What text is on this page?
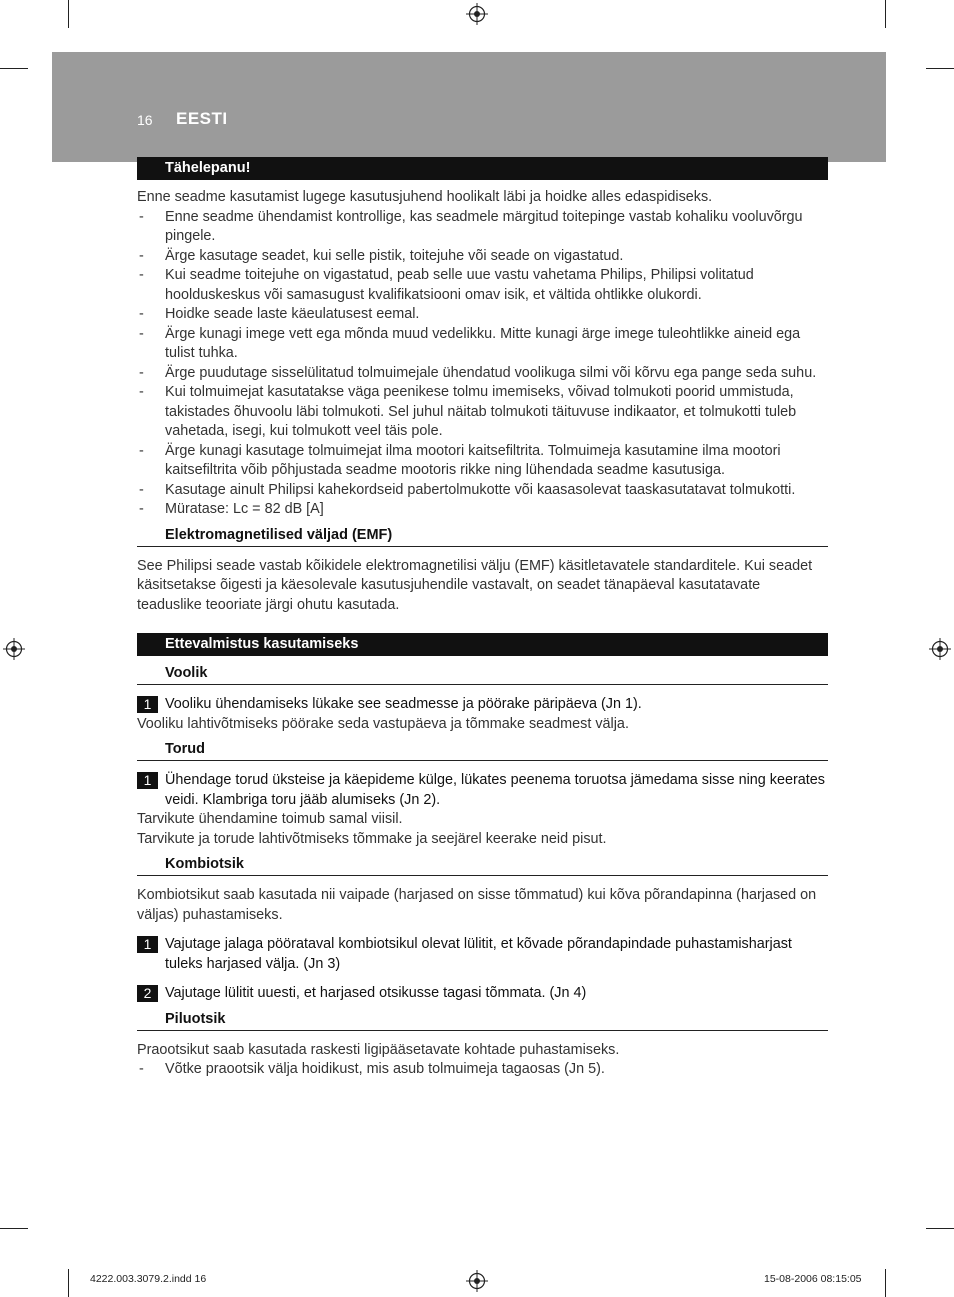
16 EESTI
Tähelepanu!

Enne seadme kasutamist lugege kasutusjuhend hoolikalt läbi ja hoidke alles edaspidiseks.

- Enne seadme ühendamist kontrollige, kas seadmele märgitud toitepinge vastab kohaliku vooluvõrgu pingele.
- Ärge kasutage seadet, kui selle pistik, toitejuhe või seade on vigastatud.
- Kui seadme toitejuhe on vigastatud, peab selle uue vastu vahetama Philips, Philipsi volitatud hoolduskeskus või samasugust kvalifikatsiooni omav isik, et vältida ohtlikke olukordi.
- Hoidke seade laste käeulatusest eemal.
- Ärge kunagi imege vett ega mõnda muud vedelikku. Mitte kunagi ärge imege tuleohtlikke aineid ega tulist tuhka.
- Ärge puudutage sisselülitatud tolmuimejale ühendatud voolikuga silmi või kõrvu ega pange seda suhu.
- Kui tolmuimejat kasutatakse väga peenikese tolmu imemiseks, võivad tolmukoti poorid ummistuda, takistades õhuvoolu läbi tolmukoti. Sel juhul näitab tolmukoti täituvuse indikaator, et tolmukotti tuleb vahetada, isegi, kui tolmukott veel täis pole.
- Ärge kunagi kasutage tolmuimejat ilma mootori kaitsefiltrita. Tolmuimeja kasutamine ilma mootori kaitsefiltrita võib põhjustada seadme mootoris rikke ning lühendada seadme kasutusiga.
- Kasutage ainult Philipsi kahekordseid pabertolmukotte või kaasasolevat taaskasutatavat tolmukotti.
- Müratase: Lc = 82 dB [A]
Elektromagnetilised väljad (EMF)

See Philipsi seade vastab kõikidele elektromagnetilisi välju (EMF) käsitletavatele standarditele. Kui seadet käsitsetakse õigesti ja käesolevale kasutusjuhendile vastavalt, on seadet tänapäeval kasutatavate teaduslike teooriate järgi ohutu kasutada.

Ettevalmistus kasutamiseks
Voolik
1 Vooliku ühendamiseks lükake see seadmesse ja pöörake päripäeva (Jn 1).

Vooliku lahtivõtmiseks pöörake seda vastupäeva ja tõmmake seadmest välja.

Torud
1 Ühendage torud üksteise ja käepideme külge, lükates peenema toruotsa jämedama sisse ning keerates veidi. Klambriga toru jääb alumiseks (Jn 2).

Tarvikute ühendamine toimub samal viisil.

Tarvikute ja torude lahtivõtmiseks tõmmake ja seejärel keerake neid pisut.

Kombiotsik

Kombiotsikut saab kasutada nii vaipade (harjased on sisse tõmmatud) kui kõva põrandapinna (harjased on väljas) puhastamiseks.

1 Vajutage jalaga pööratаval kombiotsikul olevat lülitit, et kõvade põrandapindade puhastamisharjast tuleks harjased välja. (Jn 3)
2 Vajutage lülitit uuesti, et harjased otsikusse tagasi tõmmata. (Jn 4)
Piluotsik

Praootsikut saab kasutada raskesti ligipääsetavate kohtade puhastamiseks.

- Võtke praootsik välja hoidikust, mis asub tolmuimeja tagaosas (Jn 5).
4222.003.3079.2.indd 16	15-08-2006 08:15:05
